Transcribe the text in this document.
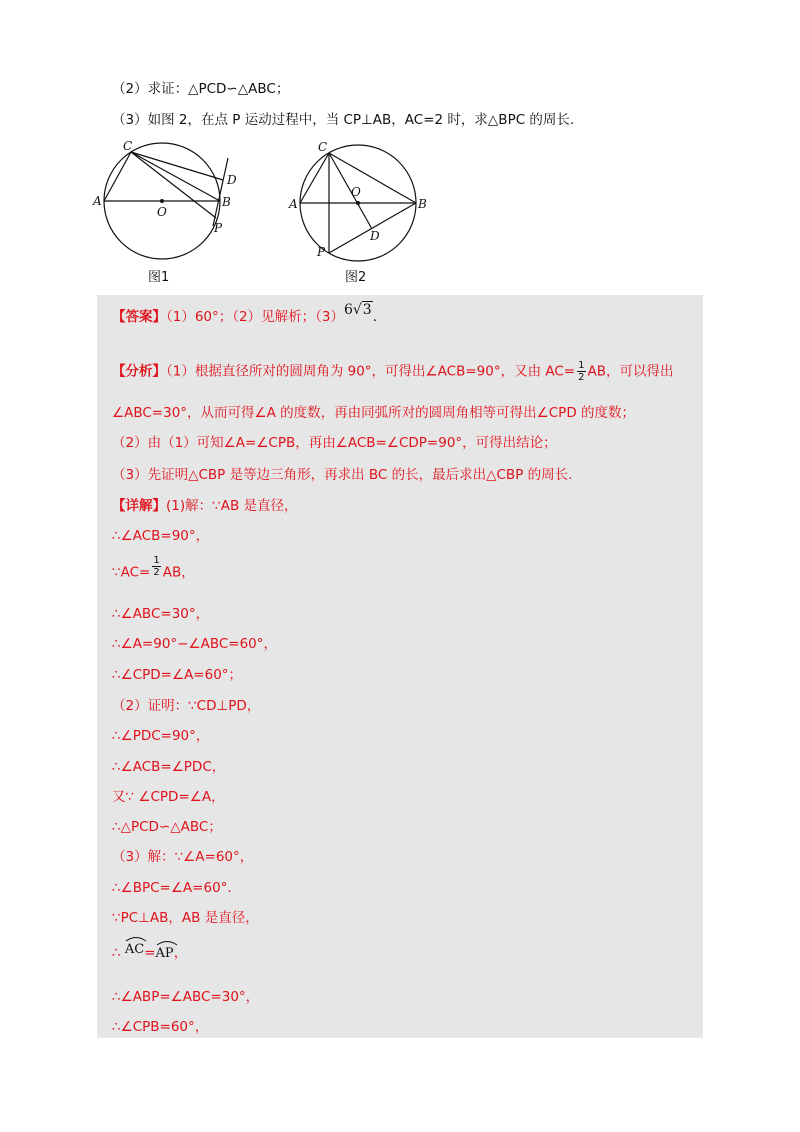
（2）求证：△PCD∽△ABC；
（3）如图 2，在点 P 运动过程中，当 CP⊥AB，AC=2 时，求△BPC 的周长.
C
A
O
B
D
P
图1
C
A
O
B
D
P
图2
【答案】（1）60°；（2）见解析；（3）6√3.
【分析】（1）根据直径所对的圆周角为 90°，可得出∠ACB=90°，又由 $AC= \frac{1}{2}$ AB，可以得出
∠ABC=30°，从而可得∠A 的度数，再由同弧所对的圆周角相等可得出∠CPD 的度数；
（2）由（1）可知∠A=∠CPB，再由∠ACB=∠CDP=90°，可得出结论；
（3）先证明△CBP 是等边三角形，再求出 BC 的长，最后求出△CBP 的周长.
【详解】(1)解：∵AB 是直径，
∴∠ACB=90°，
∵AC= $\frac{1}{2}$ AB，
∴∠ABC=30°，
∴∠A=90°−∠ABC=60°，
∴∠CPD=∠A=60°；
（2）证明：∵CD⊥PD，
∴∠PDC=90°，
∴∠ACB=∠PDC，
又∵ ∠CPD=∠A，
∴△PCD∽△ABC；
（3）解：∵∠A=60°，
∴∠BPC=∠A=60°.
∵PC⊥AB，AB 是直径，
∴ AC=
AP，
∴∠ABP=∠ABC=30°，
∴∠CPB=60°，
